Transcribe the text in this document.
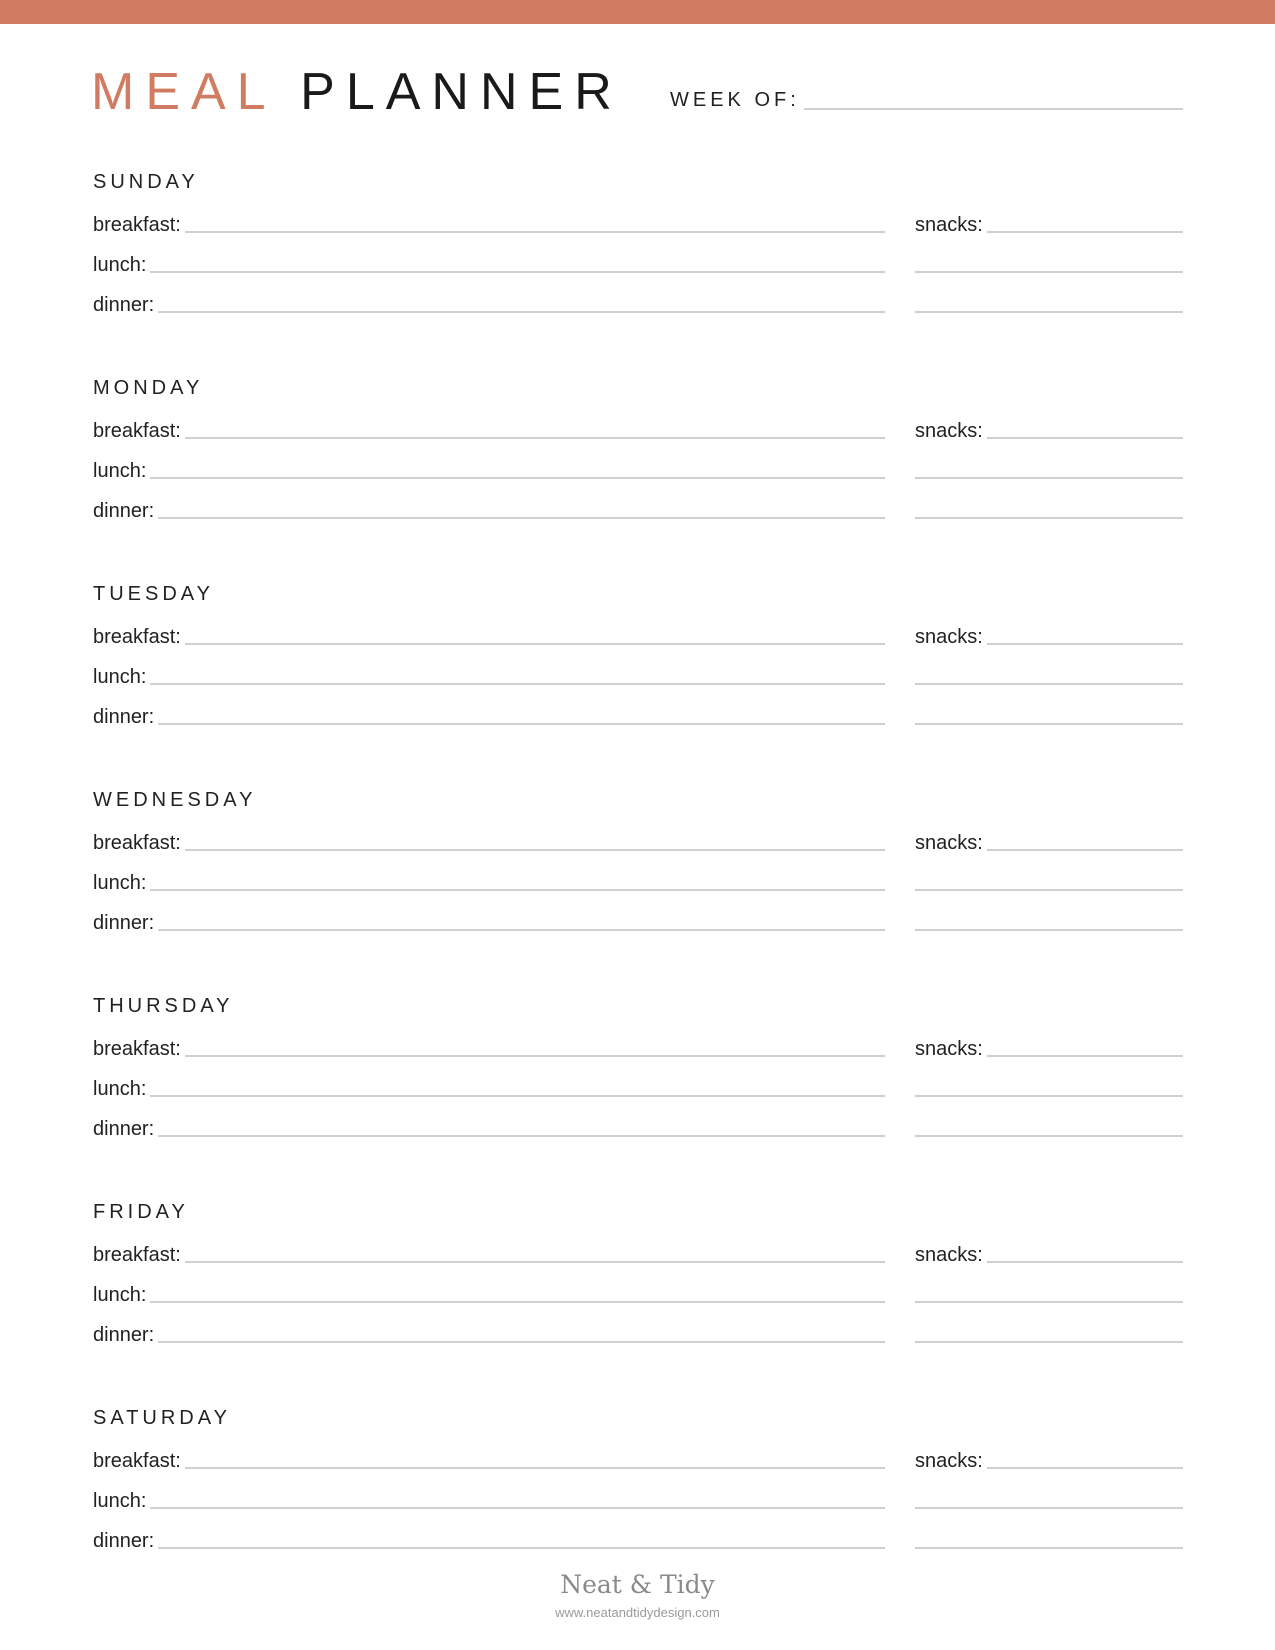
MEAL PLANNER WEEK OF:
SUNDAY
breakfast:	snacks:
lunch:
dinner:
MONDAY
breakfast:	snacks:
lunch:
dinner:
TUESDAY
breakfast:	snacks:
lunch:
dinner:
WEDNESDAY
breakfast:	snacks:
lunch:
dinner:
THURSDAY
breakfast:	snacks:
lunch:
dinner:
FRIDAY
breakfast:	snacks:
lunch:
dinner:
SATURDAY
breakfast:	snacks:
lunch:
dinner:
Neat & Tidy
www.neatandtidydesign.com
